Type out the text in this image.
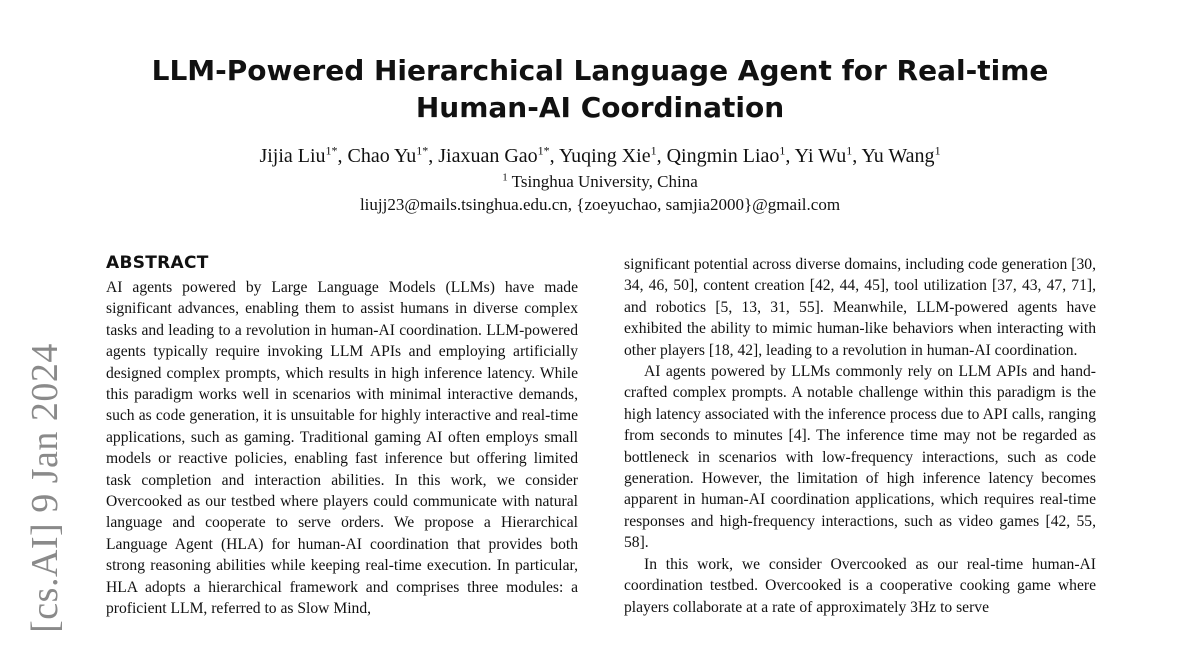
[cs.AI] 9 Jan 2024
LLM-Powered Hierarchical Language Agent for Real-time Human-AI Coordination
Jijia Liu$^{1*}$, Chao $Yu^{1*}$, Jiaxuan Gao$^{1*}$, Yuqing Xie$^1$, Qingmin Liao$^1$, Yi Wu$^1$, Yu Wang$^1$
$^1$ Tsinghua University, China
liujj23@mails.tsinghua.edu.cn, {zoeyuchao, samjia2000}@gmail.com
ABSTRACT

AI agents powered by Large Language Models (LLMs) have made significant advances, enabling them to assist humans in diverse complex tasks and leading to a revolution in human-AI coordination. LLM-powered agents typically require invoking LLM APIs and employing artificially designed complex prompts, which results in high inference latency. While this paradigm works well in scenarios with minimal interactive demands, such as code generation, it is unsuitable for highly interactive and real-time applications, such as gaming. Traditional gaming AI often employs small models or reactive policies, enabling fast inference but offering limited task completion and interaction abilities. In this work, we consider Overcooked as our testbed where players could communicate with natural language and cooperate to serve orders. We propose a Hierarchical Language Agent (HLA) for human-AI coordination that provides both strong reasoning abilities while keeping real-time execution. In particular, HLA adopts a hierarchical framework and comprises three modules: a proficient LLM, referred to as Slow Mind,

significant potential across diverse domains, including code generation [30, 34, 46, 50], content creation [42, 44, 45], tool utilization [37, 43, 47, 71], and robotics [5, 13, 31, 55]. Meanwhile, LLM-powered agents have exhibited the ability to mimic human-like behaviors when interacting with other players [18, 42], leading to a revolution in human-AI coordination.

AI agents powered by LLMs commonly rely on LLM APIs and hand-crafted complex prompts. A notable challenge within this paradigm is the high latency associated with the inference process due to API calls, ranging from seconds to minutes [4]. The inference time may not be regarded as bottleneck in scenarios with low-frequency interactions, such as code generation. However, the limitation of high inference latency becomes apparent in human-AI coordination applications, which requires real-time responses and high-frequency interactions, such as video games [42, 55, 58].

In this work, we consider Overcooked as our real-time human-AI coordination testbed. Overcooked is a cooperative cooking game where players collaborate at a rate of approximately 3Hz to serve
